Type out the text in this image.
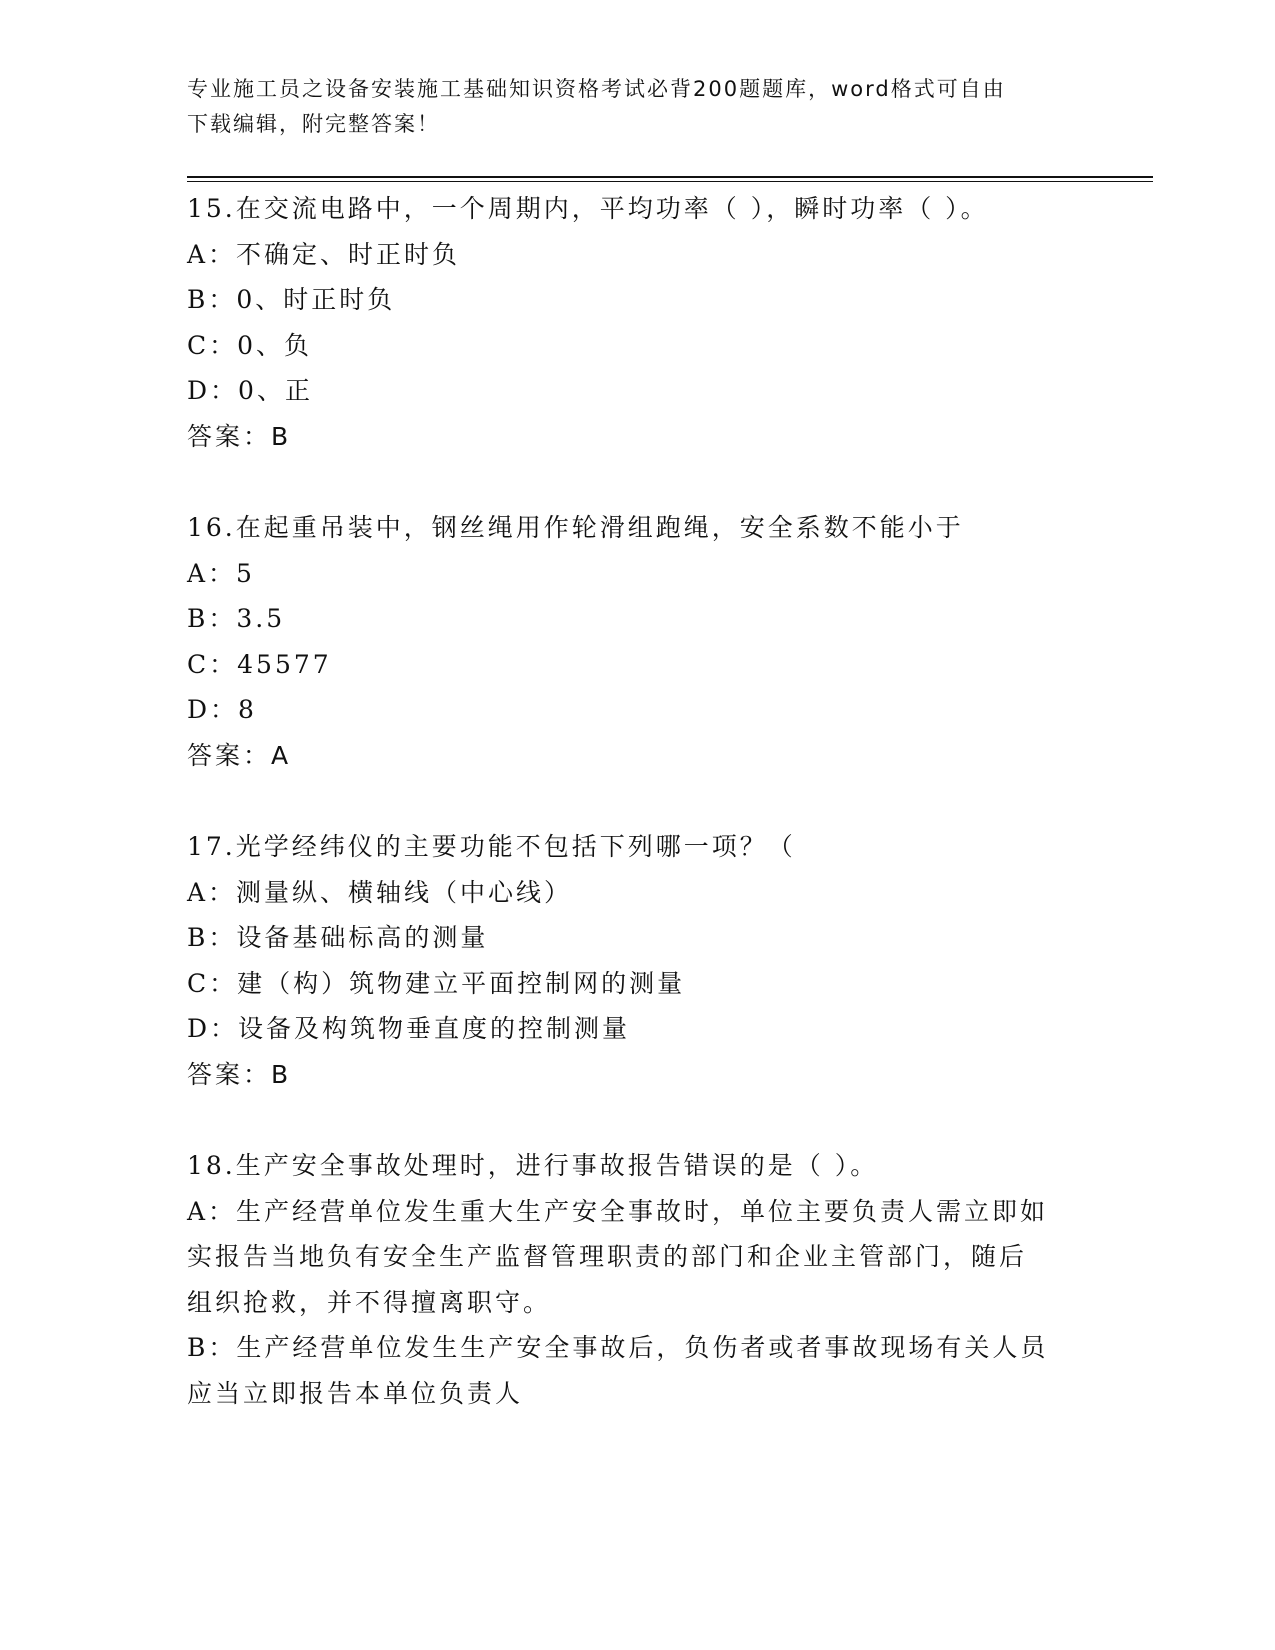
专业施工员之设备安装施工基础知识资格考试必背200题题库，word格式可自由
下载编辑，附完整答案！
15.在交流电路中，一个周期内，平均功率（ ），瞬时功率（ ）。
A：不确定、时正时负
B：0、时正时负
C：0、负
D：0、正
答案：B
16.在起重吊装中，钢丝绳用作轮滑组跑绳，安全系数不能小于
A：5
B：3.5
C：45577
D：8
答案：A
17.光学经纬仪的主要功能不包括下列哪一项？（
A：测量纵、横轴线（中心线）
B：设备基础标高的测量
C：建（构）筑物建立平面控制网的测量
D：设备及构筑物垂直度的控制测量
答案：B
18.生产安全事故处理时，进行事故报告错误的是（ ）。
A：生产经营单位发生重大生产安全事故时，单位主要负责人需立即如
实报告当地负有安全生产监督管理职责的部门和企业主管部门，随后
组织抢救，并不得擅离职守。
B：生产经营单位发生生产安全事故后，负伤者或者事故现场有关人员
应当立即报告本单位负责人
